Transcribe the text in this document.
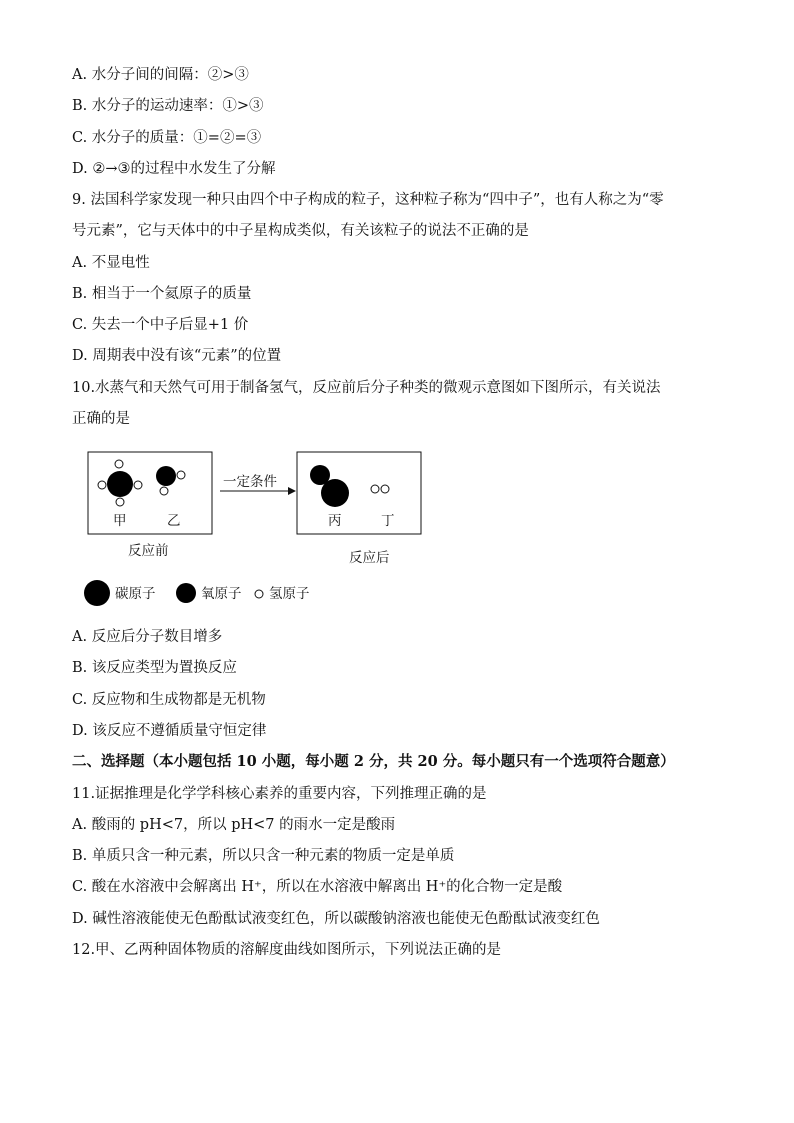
A. 水分子间的间隔：②>③
B. 水分子的运动速率：①>③
C. 水分子的质量：①=②=③
D. ②→③的过程中水发生了分解
9. 法国科学家发现一种只由四个中子构成的粒子，这种粒子称为“四中子”，也有人称之为“零
号元素”，它与天体中的中子星构成类似，有关该粒子的说法不正确的是
A. 不显电性
B. 相当于一个氦原子的质量
C. 失去一个中子后显+1 价
D. 周期表中没有该“元素”的位置
10.水蒸气和天然气可用于制备氢气，反应前后分子种类的微观示意图如下图所示，有关说法
正确的是
甲	乙
一定条件
丙	丁
反应前	反应后
碳原子	氧原子 氢原子
A. 反应后分子数目增多
B. 该反应类型为置换反应
C. 反应物和生成物都是无机物
D. 该反应不遵循质量守恒定律
二、选择题（本小题包括 10 小题，每小题 2 分，共 20 分。每小题只有一个选项符合题意）
11.证据推理是化学学科核心素养的重要内容，下列推理正确的是
A. 酸雨的 pH<7，所以 pH<7 的雨水一定是酸雨
B. 单质只含一种元素，所以只含一种元素的物质一定是单质
C. 酸在水溶液中会解离出 H⁺，所以在水溶液中解离出 H⁺的化合物一定是酸
D. 碱性溶液能使无色酚酞试液变红色，所以碳酸钠溶液也能使无色酚酞试液变红色
12.甲、乙两种固体物质的溶解度曲线如图所示，下列说法正确的是
